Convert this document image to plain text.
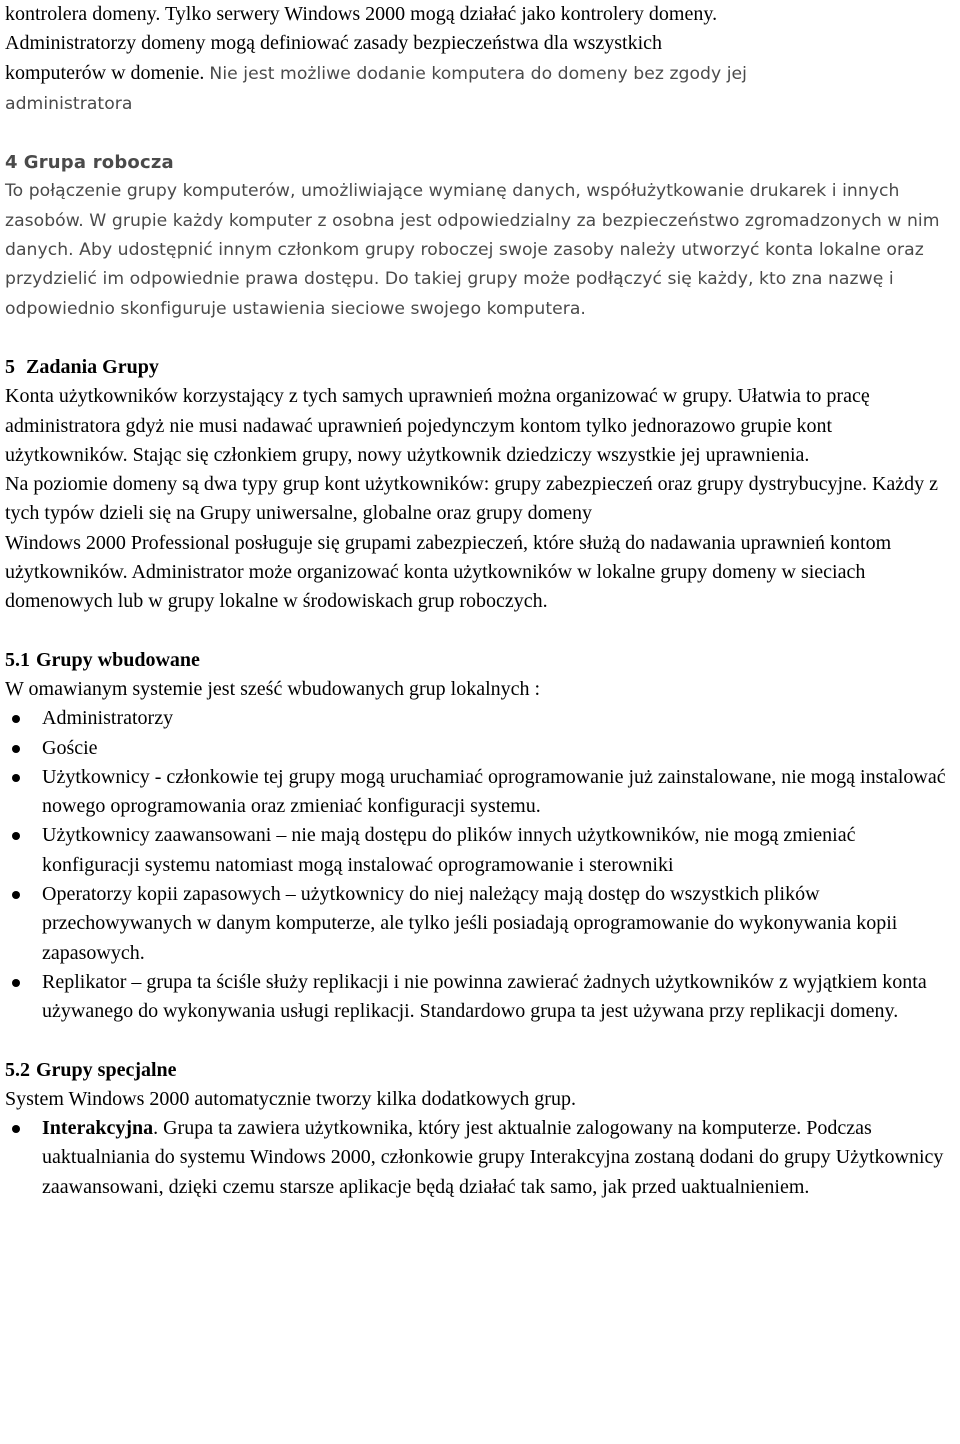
kontrolera domeny. Tylko serwery Windows 2000 mogą działać jako kontrolery domeny.
Administratorzy domeny mogą definiować zasady bezpieczeństwa dla wszystkich
komputerów w domenie. Nie jest możliwe dodanie komputera do domeny bez zgody jej
administratora

4 Grupa robocza

To połączenie grupy komputerów, umożliwiające wymianę danych, współużytkowanie drukarek i innych zasobów. W grupie każdy komputer z osobna jest odpowiedzialny za bezpieczeństwo zgromadzonych w nim danych. Aby udostępnić innym członkom grupy roboczej swoje zasoby należy utworzyć konta lokalne oraz przydzielić im odpowiednie prawa dostępu. Do takiej grupy może podłączyć się każdy, kto zna nazwę i odpowiednio skonfiguruje ustawienia sieciowe swojego komputera.

5 Zadania Grupy

Konta użytkowników korzystający z tych samych uprawnień można organizować w grupy. Ułatwia to pracę administratora gdyż nie musi nadawać uprawnień pojedynczym kontom tylko jednorazowo grupie kont użytkowników. Stając się członkiem grupy, nowy użytkownik dziedziczy wszystkie jej uprawnienia.

Na poziomie domeny są dwa typy grup kont użytkowników: grupy zabezpieczeń oraz grupy dystrybucyjne. Każdy z tych typów dzieli się na Grupy uniwersalne, globalne oraz grupy domeny

Windows 2000 Professional posługuje się grupami zabezpieczeń, które służą do nadawania uprawnień kontom użytkowników. Administrator może organizować konta użytkowników w lokalne grupy domeny w sieciach domenowych lub w grupy lokalne w środowiskach grup roboczych.

5.1 Grupy wbudowane

W omawianym systemie jest sześć wbudowanych grup lokalnych :

Administratorzy
Goście
Użytkownicy - członkowie tej grupy mogą uruchamiać oprogramowanie już zainstalowane, nie mogą instalować nowego oprogramowania oraz zmieniać konfiguracji systemu.
Użytkownicy zaawansowani – nie mają dostępu do plików innych użytkowników, nie mogą zmieniać konfiguracji systemu natomiast mogą instalować oprogramowanie i sterowniki
Operatorzy kopii zapasowych – użytkownicy do niej należący mają dostęp do wszystkich plików przechowywanych w danym komputerze, ale tylko jeśli posiadają oprogramowanie do wykonywania kopii zapasowych.
Replikator – grupa ta ściśle służy replikacji i nie powinna zawierać żadnych użytkowników z wyjątkiem konta używanego do wykonywania usługi replikacji. Standardowo grupa ta jest używana przy replikacji domeny.
5.2 Grupy specjalne

System Windows 2000 automatycznie tworzy kilka dodatkowych grup.

Interakcyjna. Grupa ta zawiera użytkownika, który jest aktualnie zalogowany na komputerze. Podczas uaktualniania do systemu Windows 2000, członkowie grupy Interakcyjna zostaną dodani do grupy Użytkownicy zaawansowani, dzięki czemu starsze aplikacje będą działać tak samo, jak przed uaktualnieniem.
